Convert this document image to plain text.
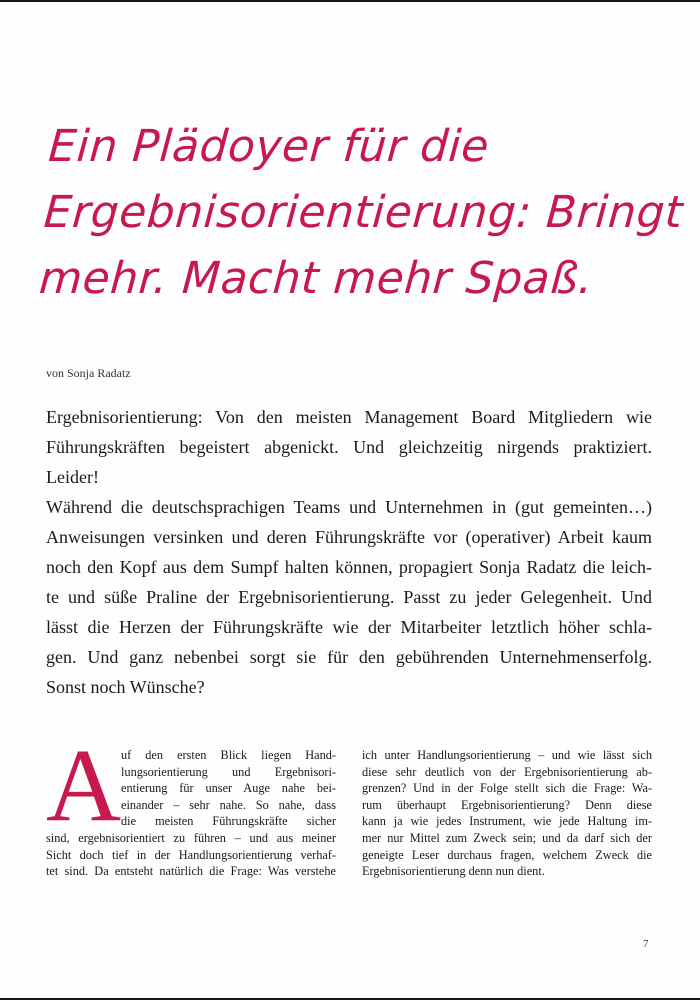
Ein Plädoyer für die
Ergebnisorientierung: Bringt
mehr. Macht mehr Spaß.
von Sonja Radatz
Ergebnisorientierung: Von den meisten Management Board Mitgliedern wie
Führungskräften begeistert abgenickt. Und gleichzeitig nirgends praktiziert.
Leider!
Während die deutschsprachigen Teams und Unternehmen in (gut gemeinten…)
Anweisungen versinken und deren Führungskräfte vor (operativer) Arbeit kaum
noch den Kopf aus dem Sumpf halten können, propagiert Sonja Radatz die leich-
te und süße Praline der Ergebnisorientierung. Passt zu jeder Gelegenheit. Und
lässt die Herzen der Führungskräfte wie der Mitarbeiter letztlich höher schla-
gen. Und ganz nebenbei sorgt sie für den gebührenden Unternehmenserfolg.
Sonst noch Wünsche?
A uf den ersten Blick liegen Hand-
lungsorientierung und Ergebnisori-
entierung für unser Auge nahe bei-
einander – sehr nahe. So nahe, dass
die meisten Führungskräfte sicher
sind, ergebnisorientiert zu führen – und aus meiner
Sicht doch tief in der Handlungsorientierung verhaf-
tet sind. Da entsteht natürlich die Frage: Was verstehe
ich unter Handlungsorientierung – und wie lässt sich
diese sehr deutlich von der Ergebnisorientierung ab-
grenzen? Und in der Folge stellt sich die Frage: Wa-
rum überhaupt Ergebnisorientierung? Denn diese
kann ja wie jedes Instrument, wie jede Haltung im-
mer nur Mittel zum Zweck sein; und da darf sich der
geneigte Leser durchaus fragen, welchem Zweck die
Ergebnisorientierung denn nun dient.
7
